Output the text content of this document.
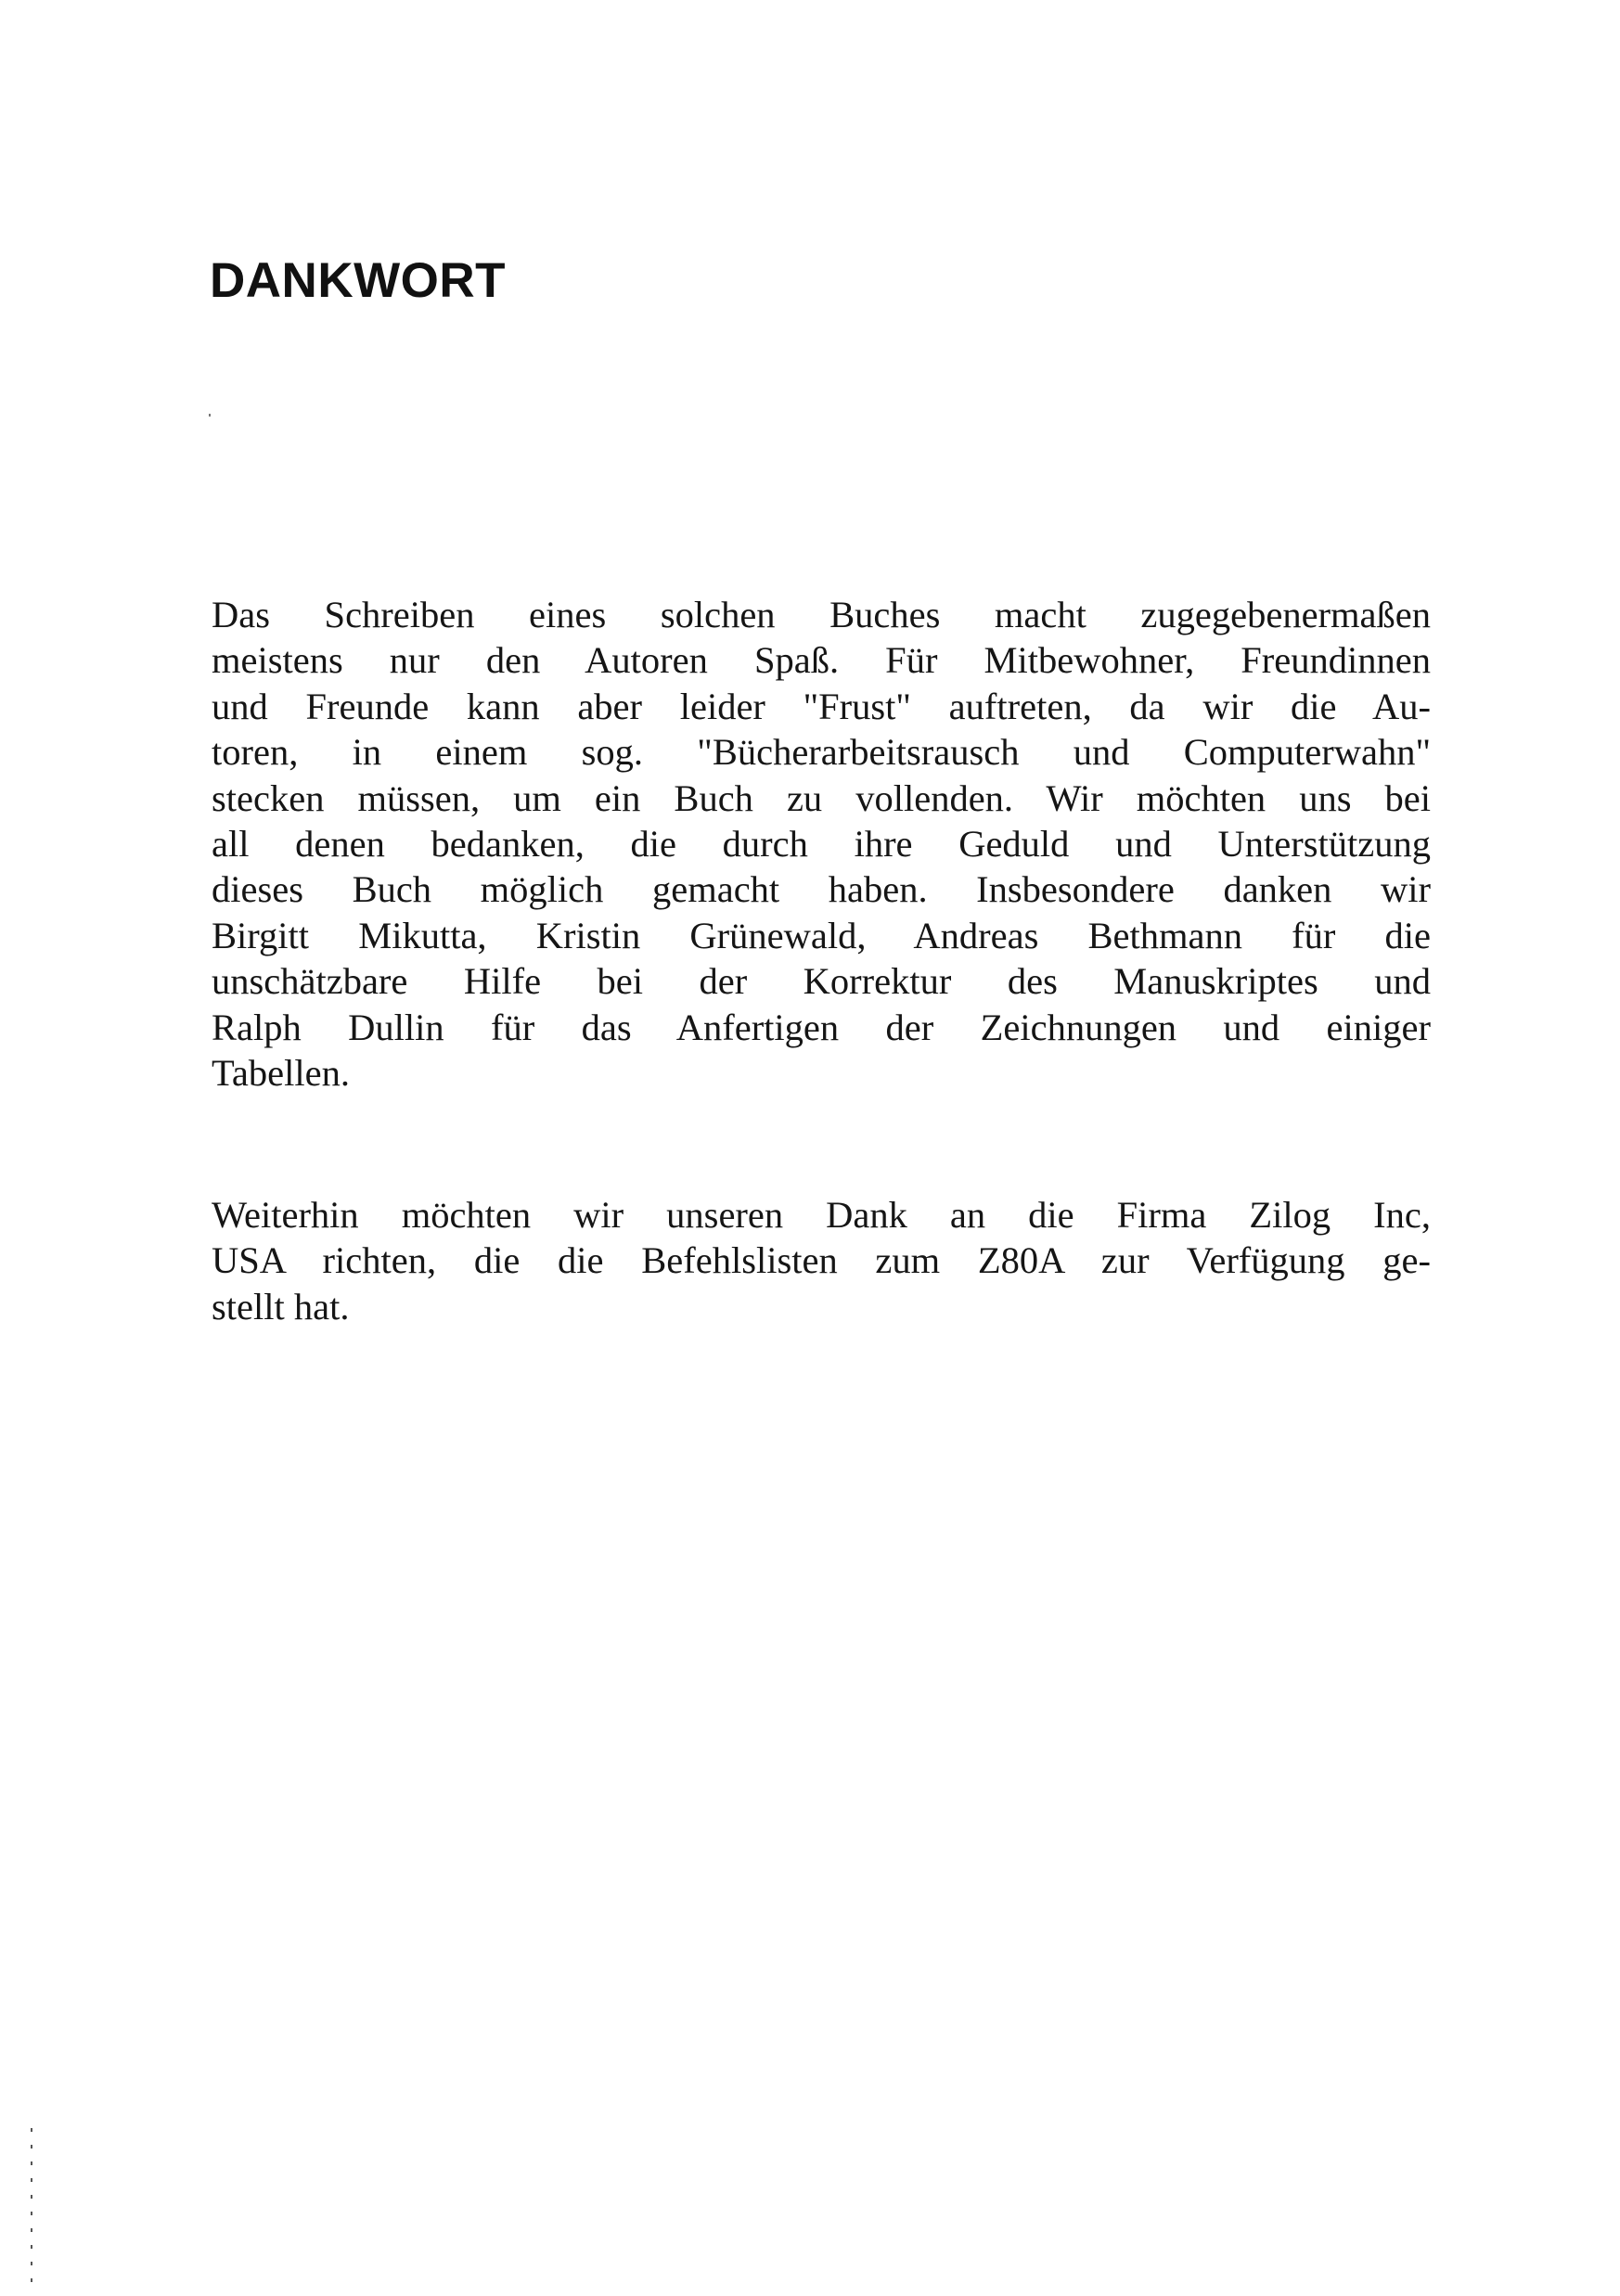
DANKWORT

Das Schreiben eines solchen Buches macht zugegebenermaßen
meistens nur den Autoren Spaß. Für Mitbewohner, Freundinnen
und Freunde kann aber leider "Frust" auftreten, da wir die Au-
toren, in einem sog. "Bücherarbeitsrausch und Computerwahn"
stecken müssen, um ein Buch zu vollenden. Wir möchten uns bei
all denen bedanken, die durch ihre Geduld und Unterstützung
dieses Buch möglich gemacht haben. Insbesondere danken wir
Birgitt Mikutta, Kristin Grünewald, Andreas Bethmann für die
unschätzbare Hilfe bei der Korrektur des Manuskriptes und
Ralph Dullin für das Anfertigen der Zeichnungen und einiger
Tabellen.

Weiterhin möchten wir unseren Dank an die Firma Zilog Inc,
USA richten, die die Befehlslisten zum Z80A zur Verfügung ge-
stellt hat.
